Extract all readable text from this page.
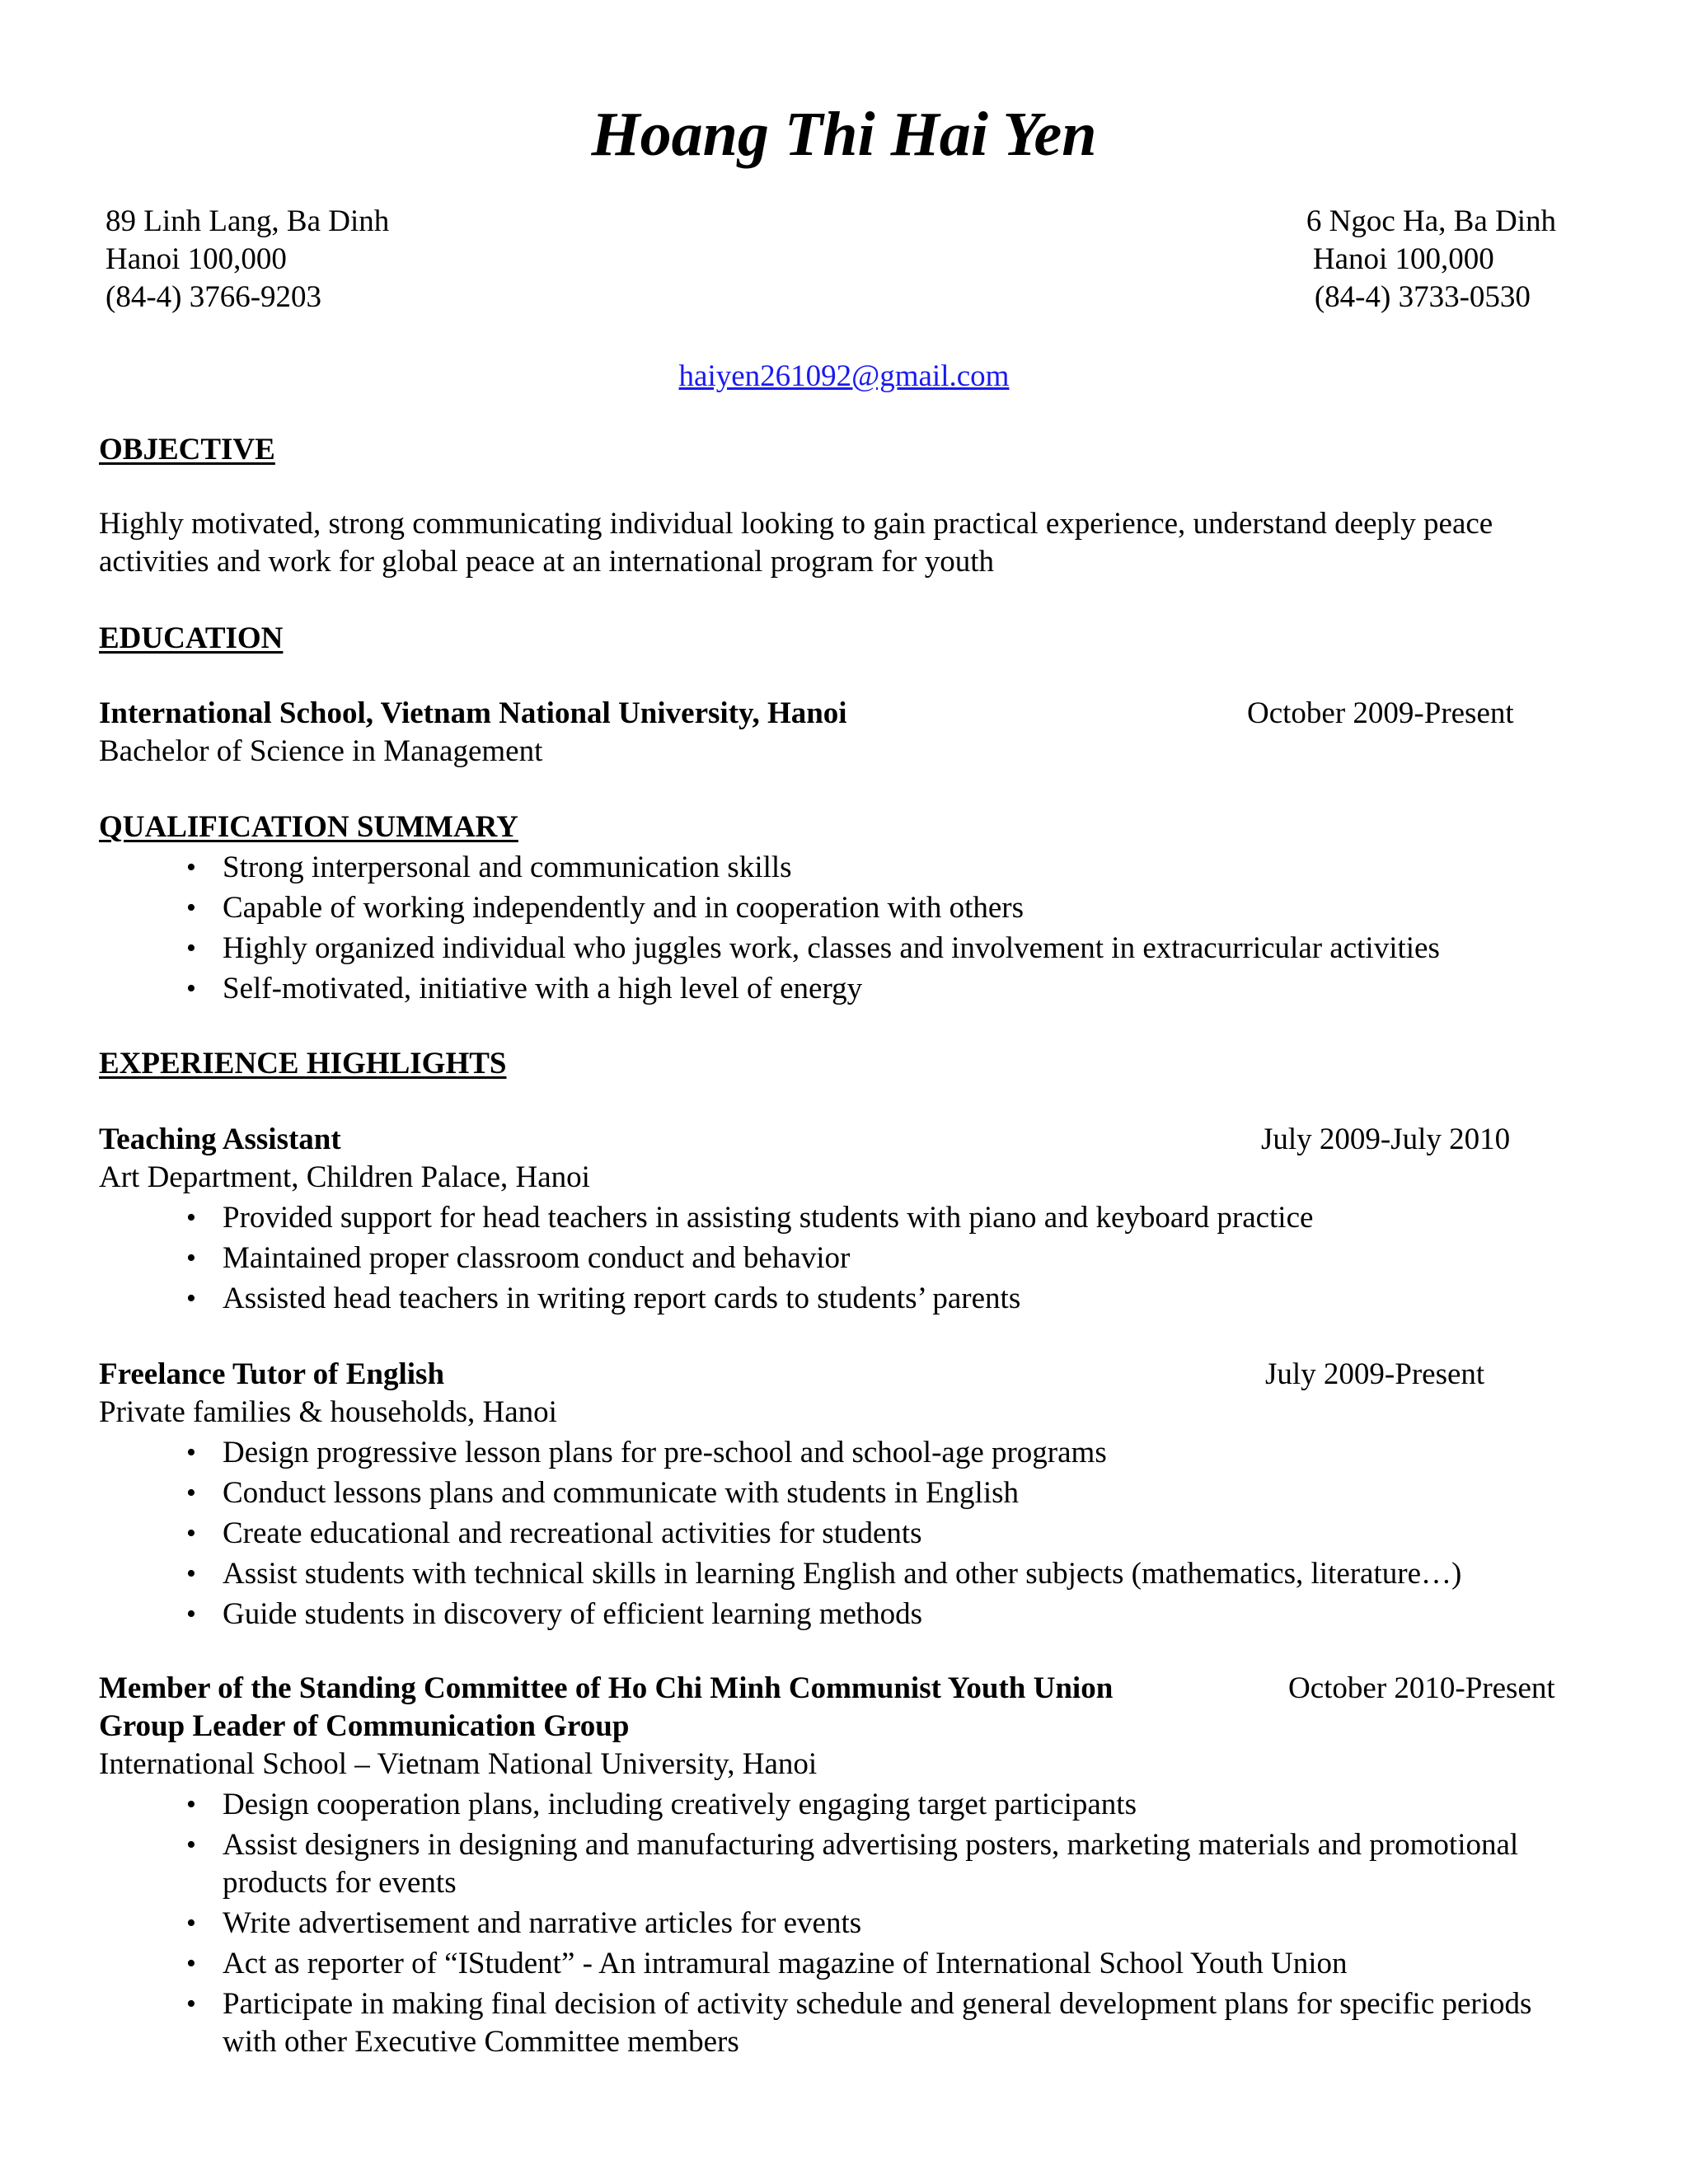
Hoang Thi Hai Yen
89 Linh Lang, Ba Dinh
Hanoi 100,000
(84-4) 3766-9203
6 Ngoc Ha, Ba Dinh
Hanoi 100,000
(84-4) 3733-0530
haiyen261092@gmail.com
OBJECTIVE
Highly motivated, strong communicating individual looking to gain practical experience, understand deeply peace activities and work for global peace at an international program for youth
EDUCATION
International School, Vietnam National University, Hanoi	October 2009-Present
Bachelor of Science in Management
QUALIFICATION SUMMARY
• Strong interpersonal and communication skills
• Capable of working independently and in cooperation with others
• Highly organized individual who juggles work, classes and involvement in extracurricular activities
• Self-motivated, initiative with a high level of energy
EXPERIENCE HIGHLIGHTS
Teaching Assistant	July 2009-July 2010
Art Department, Children Palace, Hanoi
• Provided support for head teachers in assisting students with piano and keyboard practice
• Maintained proper classroom conduct and behavior
• Assisted head teachers in writing report cards to students’ parents
Freelance Tutor of English	July 2009-Present
Private families & households, Hanoi
• Design progressive lesson plans for pre-school and school-age programs
• Conduct lessons plans and communicate with students in English
• Create educational and recreational activities for students
• Assist students with technical skills in learning English and other subjects (mathematics, literature…)
• Guide students in discovery of efficient learning methods
Member of the Standing Committee of Ho Chi Minh Communist Youth Union	October 2010-Present
Group Leader of Communication Group
International School – Vietnam National University, Hanoi
• Design cooperation plans, including creatively engaging target participants
• Assist designers in designing and manufacturing advertising posters, marketing materials and promotional products for events
• Write advertisement and narrative articles for events
• Act as reporter of “IStudent” - An intramural magazine of International School Youth Union
• Participate in making final decision of activity schedule and general development plans for specific periods with other Executive Committee members
